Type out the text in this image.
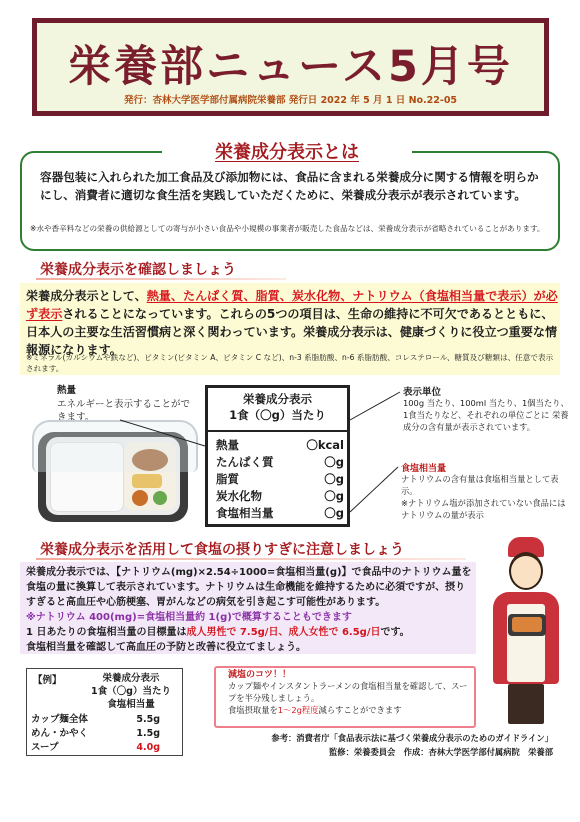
栄養部ニュース5月号
発行：杏林大学医学部付属病院栄養部 発行日 2022 年 5 月 1 日 No.22-05
栄養成分表示とは
容器包装に入れられた加工食品及び添加物には、食品に含まれる栄養成分に関する情報を明らかにし、消費者に適切な食生活を実践していただくために、栄養成分表示が表示されています。
※水や香辛料などの栄養の供給源としての寄与が小さい食品や小規模の事業者が販売した食品などは、栄養成分表示が省略されていることがあります。
栄養成分表示を確認しましょう
栄養成分表示として、熱量、たんぱく質、脂質、炭水化物、ナトリウム（食塩相当量で表示）が必ず表示されることになっています。これらの5つの項目は、生命の維持に不可欠であるとともに、日本人の主要な生活習慣病と深く関わっています。栄養成分表示は、健康づくりに役立つ重要な情報源になります。
※ミネラル(カルシウムや鉄など)、ビタミン(ビタミン A、ビタミン C など)、n-3 系脂肪酸、n-6 系脂肪酸、コレステロール、糖質及び糖類は、任意で表示されます。
熱量
エネルギーと表示することができます。
栄養成分表示
1食（〇g）当たり
熱量	〇kcal
たんぱく質	〇g
脂質	〇g
炭水化物	〇g
食塩相当量	〇g
表示単位
100g 当たり、100ml 当たり、1個当たり、1食当たりなど、それぞれの単位ごとに 栄養成分の含有量が表示されています。
食塩相当量
ナトリウムの含有量は食塩相当量として表示。
※ナトリウム塩が添加されていない食品にはナトリウムの量が表示
栄養成分表示を活用して食塩の摂りすぎに注意しましょう
栄養成分表示では、【ナトリウム(mg)×2.54÷1000=食塩相当量(g)】で食品中のナトリウム量を食塩の量に換算して表示されています。ナトリウムは生命機能を維持するために必須ですが、摂りすぎると高血圧や心筋梗塞、胃がんなどの病気を引き起こす可能性があります。
※ナトリウム 400(mg)=食塩相当量約 1(g)で概算することもできます
1 日あたりの食塩相当量の目標量は成人男性で 7.5g/日、成人女性で 6.5g/日です。
食塩相当量を確認して高血圧の予防と改善に役立てましょう。
【例】	栄養成分表示
1食（〇g）当たり
食塩相当量
カップ麺全体	5.5g
めん・かやく	1.5g
スープ	4.0g
減塩のコツ！！
カップ麺やインスタントラーメンの食塩相当量を確認して、スープを半分残しましょう。
食塩摂取量を1～2g程度減らすことができます
参考：消費者庁「食品表示法に基づく栄養成分表示のためのガイドライン」
監修：栄養委員会　作成：杏林大学医学部付属病院　栄養部
